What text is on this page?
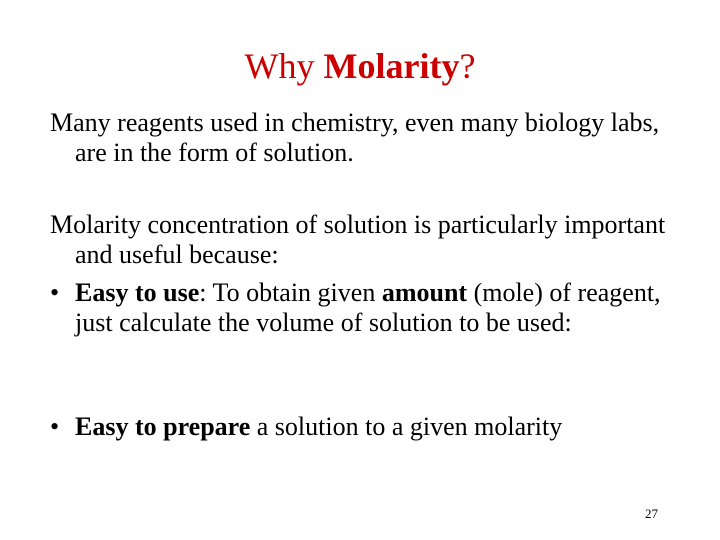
Why Molarity?

Many reagents used in chemistry, even many biology labs, are in the form of solution.

Molarity concentration of solution is particularly important and useful because:

• Easy to use: To obtain given amount (mole) of reagent, just calculate the volume of solution to be used:
• Easy to prepare a solution to a given molarity
27
